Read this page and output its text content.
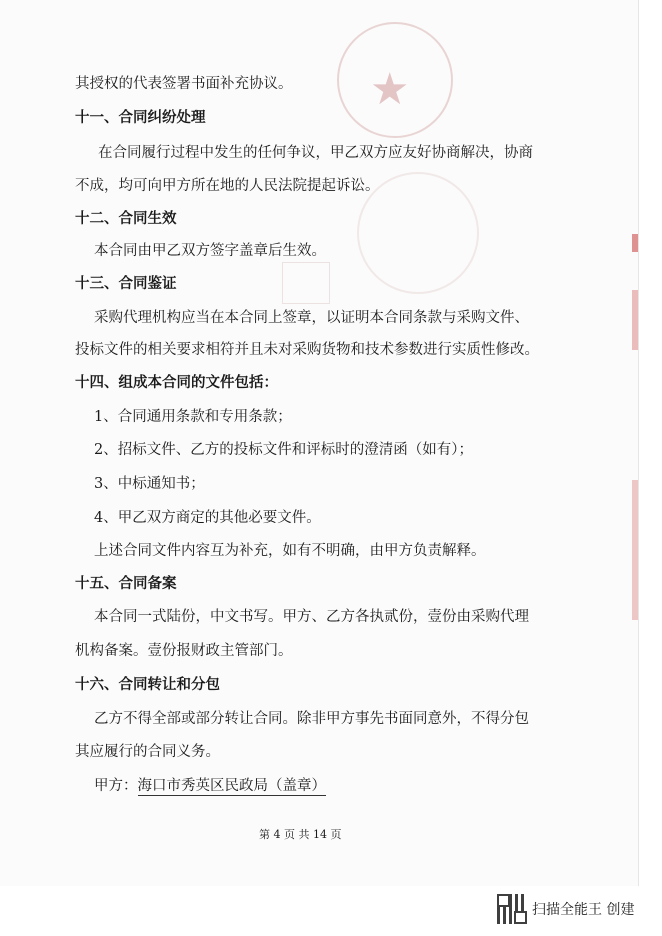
★
其授权的代表签署书面补充协议。
十一、合同纠纷处理
在合同履行过程中发生的任何争议，甲乙双方应友好协商解决，协商
不成，均可向甲方所在地的人民法院提起诉讼。
十二、合同生效
本合同由甲乙双方签字盖章后生效。
十三、合同鉴证
采购代理机构应当在本合同上签章，以证明本合同条款与采购文件、
投标文件的相关要求相符并且未对采购货物和技术参数进行实质性修改。
十四、组成本合同的文件包括：
1、合同通用条款和专用条款；
2、招标文件、乙方的投标文件和评标时的澄清函（如有）；
3、中标通知书；
4、甲乙双方商定的其他必要文件。
上述合同文件内容互为补充，如有不明确，由甲方负责解释。
十五、合同备案
本合同一式陆份，中文书写。甲方、乙方各执贰份，壹份由采购代理
机构备案。壹份报财政主管部门。
十六、合同转让和分包
乙方不得全部或部分转让合同。除非甲方事先书面同意外，不得分包
其应履行的合同义务。
甲方：海口市秀英区民政局（盖章）
第 4 页 共 14 页
扫描全能王 创建
